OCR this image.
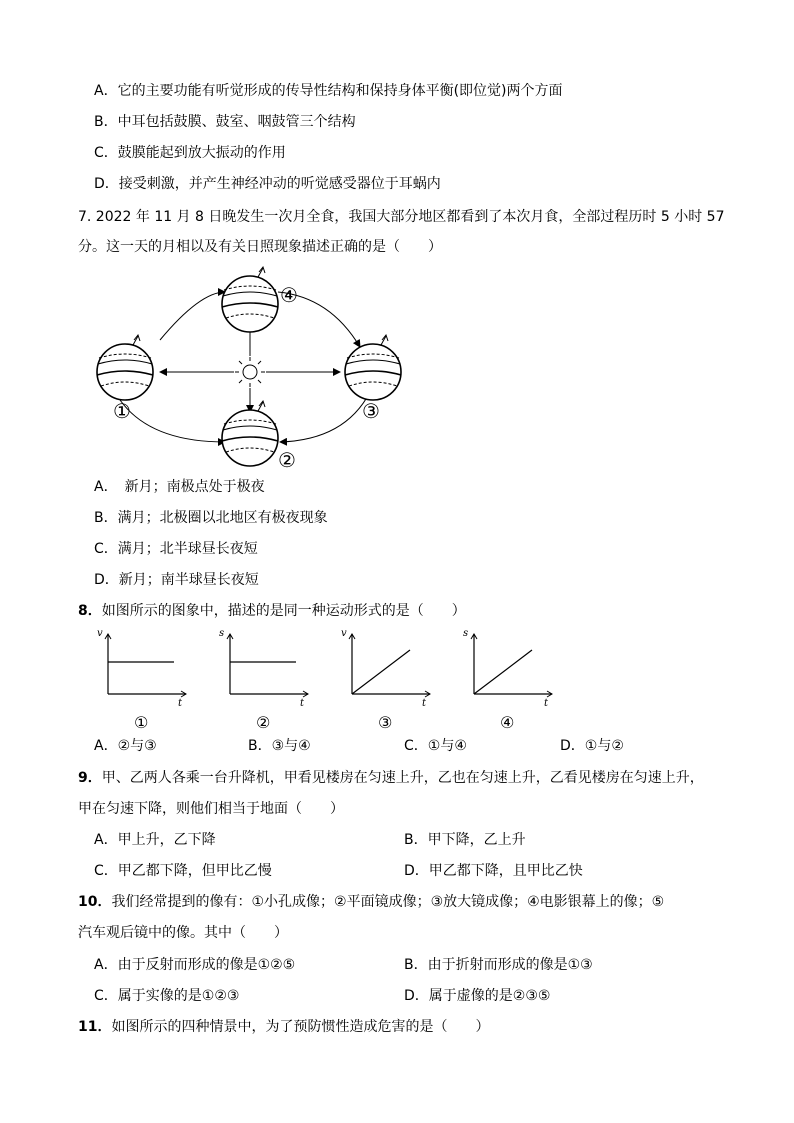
A．它的主要功能有听觉形成的传导性结构和保持身体平衡(即位觉)两个方面
B．中耳包括鼓膜、鼓室、咽鼓管三个结构
C．鼓膜能起到放大振动的作用
D．接受刺激，并产生神经冲动的听觉感受器位于耳蜗内
7. 2022 年 11 月 8 日晚发生一次月全食，我国大部分地区都看到了本次月食，全部过程历时 5 小时 57
分。这一天的月相以及有关日照现象描述正确的是（　　）
①
②
③
④
A．　新月；南极点处于极夜
B．满月；北极圈以北地区有极夜现象
C．满月；北半球昼长夜短
D．新月；南半球昼长夜短
8．如图所示的图象中，描述的是同一种运动形式的是（　　）
v
t
①
s
t
②
v
t
③
s
t
④
A．②与③	B．③与④	C．①与④	D．①与②
9．甲、乙两人各乘一台升降机，甲看见楼房在匀速上升，乙也在匀速上升，乙看见楼房在匀速上升，
甲在匀速下降，则他们相当于地面（　　）
A．甲上升，乙下降	B．甲下降，乙上升
C．甲乙都下降，但甲比乙慢	D．甲乙都下降，且甲比乙快
10．我们经常提到的像有：①小孔成像；②平面镜成像；③放大镜成像；④电影银幕上的像；⑤
汽车观后镜中的像。其中（　　）
A．由于反射而形成的像是①②⑤	B．由于折射而形成的像是①③
C．属于实像的是①②③	D．属于虚像的是②③⑤
11．如图所示的四种情景中，为了预防惯性造成危害的是（　　）
